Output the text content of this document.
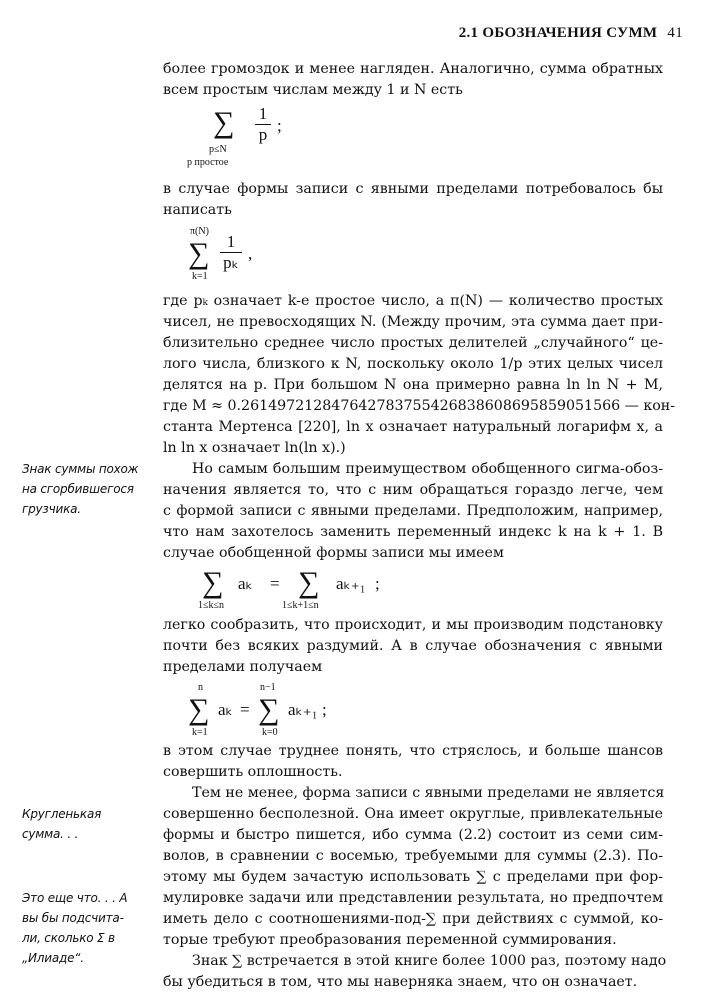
2.1 ОБОЗНАЧЕНИЯ СУММ 41
более громоздок и менее нагляден. Аналогично, сумма обратных
всем простым числам между 1 и N есть
в случае формы записи с явными пределами потребовалось бы
написать
где pₖ означает k-е простое число, а π(N) — количество простых
чисел, не превосходящих N. (Между прочим, эта сумма дает при-
близительно среднее число простых делителей „случайного“ це-
лого числа, близкого к N, поскольку около 1/p этих целых чисел
делятся на p. При большом N она примерно равна ln ln N + M,
где M ≈ 0.261497212847642783755426838608695859051566 — кон-
станта Мертенса [220], ln x означает натуральный логарифм x, а
ln ln x означает ln(ln x).)
Но самым большим преимуществом обобщенного сигма-обоз-
начения является то, что с ним обращаться гораздо легче, чем
с формой записи с явными пределами. Предположим, например,
что нам захотелось заменить переменный индекс k на k + 1. В
случае обобщенной формы записи мы имеем
легко сообразить, что происходит, и мы производим подстановку
почти без всяких раздумий. А в случае обозначения с явными
пределами получаем
в этом случае труднее понять, что стряслось, и больше шансов
совершить оплошность.
Тем не менее, форма записи с явными пределами не является
совершенно бесполезной. Она имеет округлые, привлекательные
формы и быстро пишется, ибо сумма (2.2) состоит из семи сим-
волов, в сравнении с восемью, требуемыми для суммы (2.3). По-
этому мы будем зачастую использовать ∑ с пределами при фор-
мулировке задачи или представлении результата, но предпочтем
иметь дело с соотношениями-под-∑ при действиях с суммой, ко-
торые требуют преобразования переменной суммирования.
Знак ∑ встречается в этой книге более 1000 раз, поэтому надо
бы убедиться в том, что мы наверняка знаем, что он означает.
Знак суммы похож
на сгорбившегося
грузчика.
Кругленькая
сумма. . .
Это еще что. . . А
вы бы подсчита-
ли, сколько Σ в
„Илиаде“.
∑
p≤N
p простое
1
p ;
π(N)
∑
k=1
1
pₖ ,
∑
1≤k≤n
aₖ = ∑
1≤k+1≤n
aₖ₊₁ ;
n
∑
k=1
aₖ =
n−1
∑
k=0
aₖ₊₁ ;
